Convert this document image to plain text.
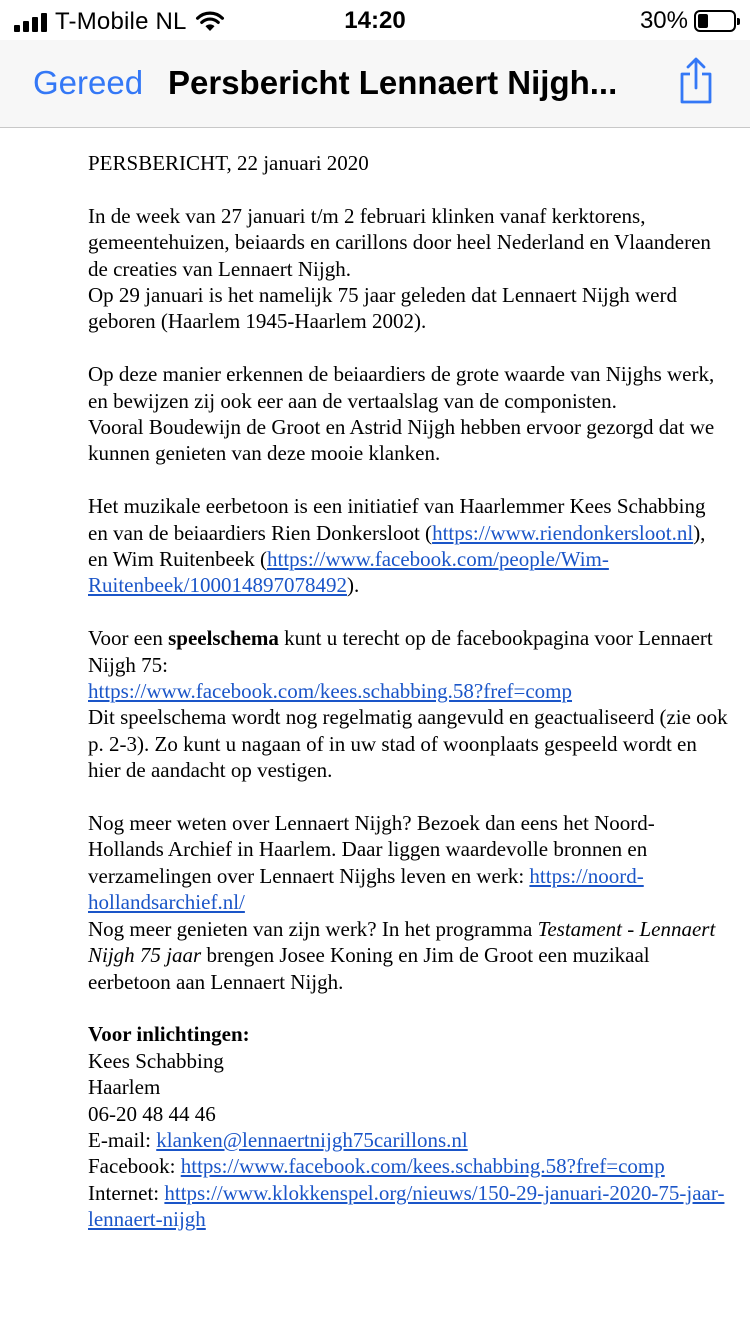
T-Mobile NL	14:20	30%
Gereed Persbericht Lennaert Nijgh...

PERSBERICHT, 22 januari 2020

In de week van 27 januari t/m 2 februari klinken vanaf kerktorens, gemeentehuizen, beiaards en carillons door heel Nederland en Vlaanderen de creaties van Lennaert Nijgh.
Op 29 januari is het namelijk 75 jaar geleden dat Lennaert Nijgh werd geboren (Haarlem 1945-Haarlem 2002).

Op deze manier erkennen de beiaardiers de grote waarde van Nijghs werk, en bewijzen zij ook eer aan de vertaalslag van de componisten.
Vooral Boudewijn de Groot en Astrid Nijgh hebben ervoor gezorgd dat we kunnen genieten van deze mooie klanken.

Het muzikale eerbetoon is een initiatief van Haarlemmer Kees Schabbing en van de beiaardiers Rien Donkersloot (https://www.riendonkersloot.nl), en Wim Ruitenbeek (https://www.facebook.com/people/Wim-Ruitenbeek/100014897078492).

Voor een speelschema kunt u terecht op de facebookpagina voor Lennaert Nijgh 75:
https://www.facebook.com/kees.schabbing.58?fref=comp
Dit speelschema wordt nog regelmatig aangevuld en geactualiseerd (zie ook p. 2-3). Zo kunt u nagaan of in uw stad of woonplaats gespeeld wordt en hier de aandacht op vestigen.

Nog meer weten over Lennaert Nijgh? Bezoek dan eens het Noord-Hollands Archief in Haarlem. Daar liggen waardevolle bronnen en verzamelingen over Lennaert Nijghs leven en werk: https://noord-hollandsarchief.nl/
Nog meer genieten van zijn werk? In het programma Testament - Lennaert Nijgh 75 jaar brengen Josee Koning en Jim de Groot een muzikaal eerbetoon aan Lennaert Nijgh.

Voor inlichtingen:
Kees Schabbing
Haarlem
06-20 48 44 46
E-mail: klanken@lennaertnijgh75carillons.nl
Facebook: https://www.facebook.com/kees.schabbing.58?fref=comp
Internet: https://www.klokkenspel.org/nieuws/150-29-januari-2020-75-jaar-lennaert-nijgh
